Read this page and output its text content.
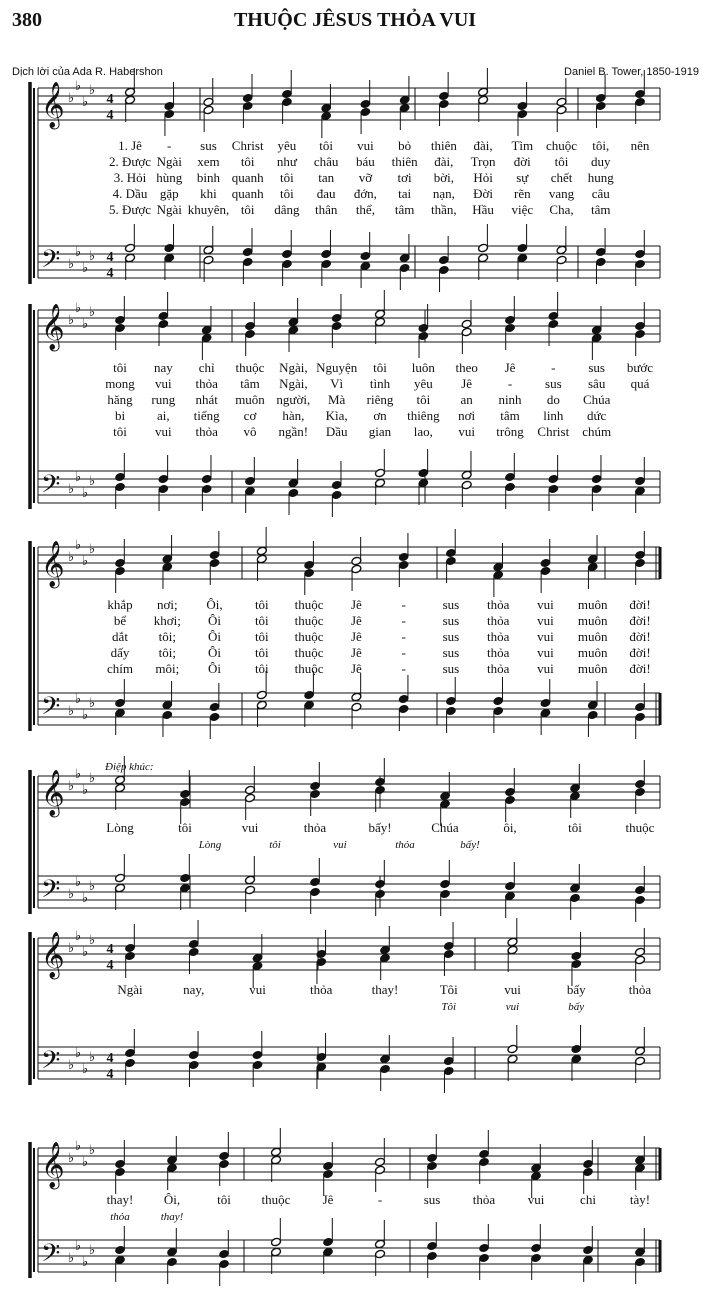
380	THUỘC JÊSUS THỎA VUI
Dịch lời của Ada R. Habershon	Daniel B. Tower, 1850-1919
Điệp khúc:
𝄞
𝄢
♭
♭
♭
♭
♭
♭
♭
♭
4
4
4
4
1. Jê - sus Christ yêu tôi vui bỏ thiên đài, Tìm chuộc tôi, nên
2. Được Ngài xem tôi như châu báu thiên đài, Trọn đời tôi duy
3. Hỏi hùng binh quanh tôi tan vỡ tơi bời, Hỏi sự chết hung
4. Dầu gặp khi quanh tôi đau đớn, tai nạn, Đời rẽn vang câu
5. Được Ngài khuyên, tôi dâng thân thể, tâm thần, Hầu việc Cha, tâm
𝄞
𝄢
♭
♭
♭
♭
♭
♭
♭
♭
tôi nay chỉ thuộc Ngài, Nguyện tôi luôn theo Jê	-	sus bước
mong vui thỏa tâm Ngài, Vì tình yêu Jê	-	sus sâu quá
hăng rung nhát muôn người, Mà riêng tôi an ninh do Chúa
bi ai, tiếng cơ hàn, Kìa, ơn thiêng nơi tâm linh dức
tôi vui thỏa vô ngần! Dầu gian lao, vui trông Christ chúm
𝄞
𝄢
♭
♭
♭
♭
♭
♭
♭
♭
khắp nơi; Ôi, tôi thuộc Jê	-	sus thỏa vui muôn đời!
bể khơi; Ôi	tôi thuộc Jê	-	sus thỏa vui muôn đời!
dắt tôi; Ôi	tôi thuộc Jê	-	sus thỏa vui muôn đời!
dấy tôi; Ôi	tôi thuộc Jê	-	sus thỏa vui muôn đời!
chím môi; Ôi	tôi thuộc Jê	-	sus thỏa vui muôn đời!
𝄞
𝄢
♭
♭
♭
♭
♭
♭
♭
♭
Lòng	tôi	vui	thỏa	bấy!	Chúa	ôi,	tôi	thuộc
Lòng	tôi	vui	thỏa	bấy!
𝄞
𝄢
♭
♭
♭
♭
♭
♭
♭
♭
4
4
4
4
Ngài	nay,	vui	thỏa	thay!	Tôi	vui	bấy	thỏa
Tôi	vui	bấy
𝄞
𝄢
♭
♭
♭
♭
♭
♭
♭
♭
thay! Ôi,	tôi thuộc Jê	-	sus thỏa vui	chi	tày!
thỏa	thay!
